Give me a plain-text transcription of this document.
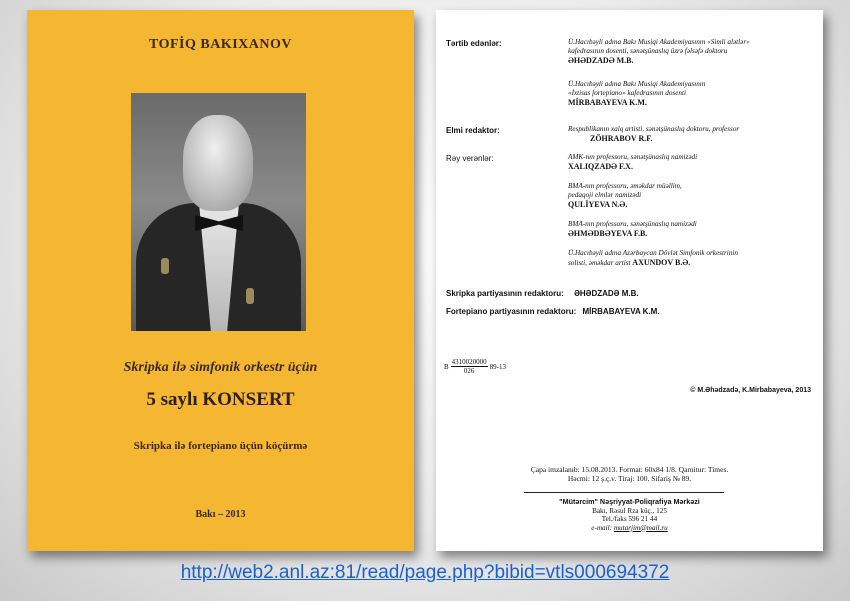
TOFİQ BAKIXANOV
Skripka ilə simfonik orkestr üçün
5 saylı KONSERT
Skripka ilə fortepiano üçün köçürmə
Bakı – 2013
Tərtib edənlər:	Ü.Hacıbəyli adına Bakı Musiqi Akademiyasının «Simli alətlər»
kafedrasının dosenti, sənətşünaslıq üzrə fəlsəfə doktoru
ƏHƏDZADƏ M.B.
Ü.Hacıbəyli adına Bakı Musiqi Akademiyasının
«İxtisas fortepiano» kafedrasının dosenti
MİRBABAYEVA K.M.
Elmi redaktor:	Respublikanın xalq artisti, sənətşünaslıq doktoru, professor
ZÖHRABOV R.F.
Rəy verənlər:	AMK-nın professoru, sənətşünaslıq namizədi
XALIQZADƏ F.X.
BMA-nın professoru, əməkdar müəllim,
pedaqoji elmlər namizədi
QULİYEVA N.Ə.
BMA-nın professoru, sənətşünaslıq namizədi
ƏHMƏDBƏYEVA F.B.
Ü.Hacıbəyli adına Azərbaycan Dövlət Simfonik orkestrinin
solisti, əməkdar artist AXUNDOV B.Ə.
Skripka partiyasının redaktoru: ƏHƏDZADƏ M.B.
Fortepiano partiyasının redaktoru: MİRBABAYEVA K.M.
B $\frac{4310020000}{026} 89-13$
© M.Əhədzadə, K.Mirbabayeva, 2013
Çapa imzalanıb: 15.08.2013. Format: 60x84 1/8. Qarnitur: Times.
Həcmi: 12 ş.ç.v. Tiraj: 100. Sifariş № 89.
"Mütərcim" Nəşriyyat-Poliqrafiya Mərkəzi
Bakı, Rəsul Rza küç., 125
Tel./faks 596 21 44
e-mail: mutarjim@mail.ru
http://web2.anl.az:81/read/page.php?bibid=vtls000694372
